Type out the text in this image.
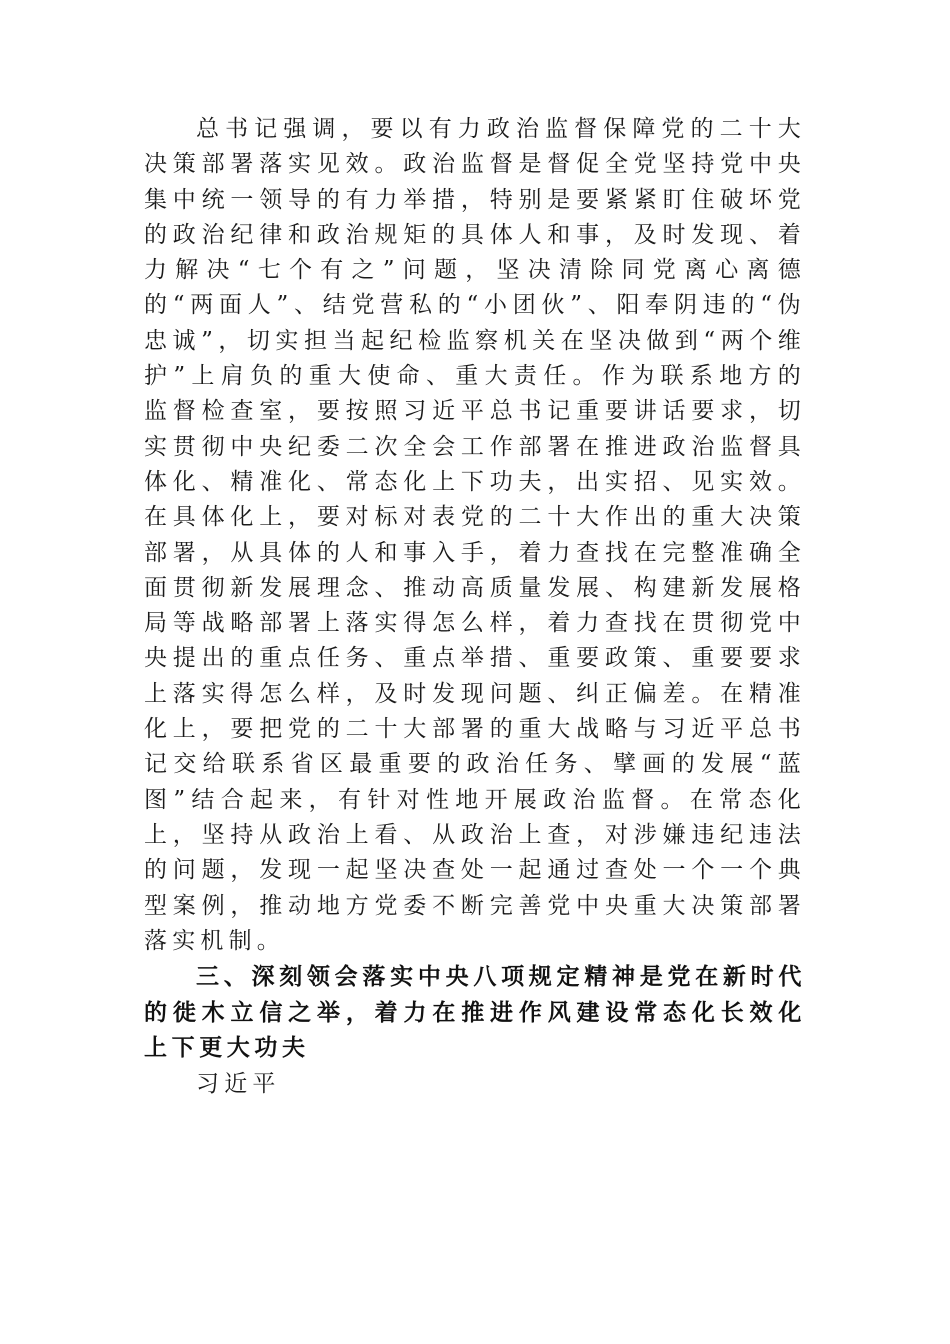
总书记强调，要以有力政治监督保障党的二十大决策部署落实见效。政治监督是督促全党坚持党中央集中统一领导的有力举措，特别是要紧紧盯住破坏党的政治纪律和政治规矩的具体人和事，及时发现、着力解决“七个有之”问题，坚决清除同党离心离德的“两面人”、结党营私的“小团伙”、阳奉阴违的“伪忠诚”，切实担当起纪检监察机关在坚决做到“两个维护”上肩负的重大使命、重大责任。作为联系地方的监督检查室，要按照习近平总书记重要讲话要求，切实贯彻中央纪委二次全会工作部署在推进政治监督具体化、精准化、常态化上下功夫，出实招、见实效。在具体化上，要对标对表党的二十大作出的重大决策部署，从具体的人和事入手，着力查找在完整准确全面贯彻新发展理念、推动高质量发展、构建新发展格局等战略部署上落实得怎么样，着力查找在贯彻党中央提出的重点任务、重点举措、重要政策、重要要求上落实得怎么样，及时发现问题、纠正偏差。在精准化上，要把党的二十大部署的重大战略与习近平总书记交给联系省区最重要的政治任务、擘画的发展“蓝图”结合起来，有针对性地开展政治监督。在常态化上，坚持从政治上看、从政治上查，对涉嫌违纪违法的问题，发现一起坚决查处一起通过查处一个一个典型案例，推动地方党委不断完善党中央重大决策部署落实机制。

三、深刻领会落实中央八项规定精神是党在新时代的徙木立信之举，着力在推进作风建设常态化长效化上下更大功夫

习近平
